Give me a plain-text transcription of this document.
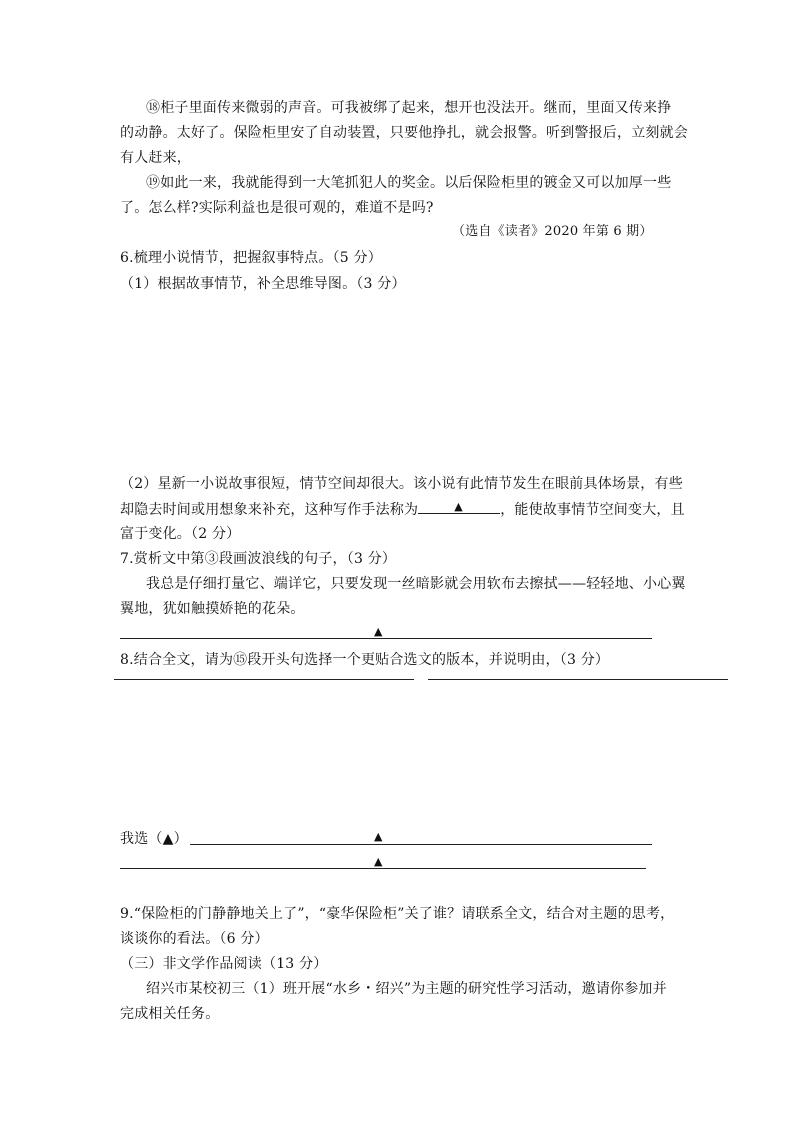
⑱柜子里面传来微弱的声音。可我被绑了起来，想开也没法开。继而，里面又传来挣
的动静。太好了。保险柜里安了自动装置，只要他挣扎，就会报警。听到警报后，立刻就会
有人赶来，
⑲如此一来，我就能得到一大笔抓犯人的奖金。以后保险柜里的镀金又可以加厚一些
了。怎么样?实际利益也是很可观的，难道不是吗?
（选自《读者》2020 年第 6 期）
6.梳理小说情节，把握叙事特点。（5 分）
（1）根据故事情节，补全思维导图。（3 分）
（2）星新一小说故事很短，情节空间却很大。该小说有此情节发生在眼前具体场景，有些
却隐去时间或用想象来补充，这种写作手法称为	▲	，能使故事情节空间变大，且
富于变化。（2 分）
7.赏析文中第③段画波浪线的句子，（3 分）
我总是仔细打量它、端详它，只要发现一丝暗影就会用软布去擦拭——轻轻地、小心翼
翼地，犹如触摸娇艳的花朵。
▲
8.结合全文，请为⑮段开头句选择一个更贴合选文的版本，并说明由，（3 分）
我选（▲）	▲
▲
9.“保险柜的门静静地关上了”，“豪华保险柜”关了谁？请联系全文，结合对主题的思考，
谈谈你的看法。（6 分）
（三）非文学作品阅读（13 分）
绍兴市某校初三（1）班开展“水乡・绍兴”为主题的研究性学习活动，邀请你参加并
完成相关任务。
